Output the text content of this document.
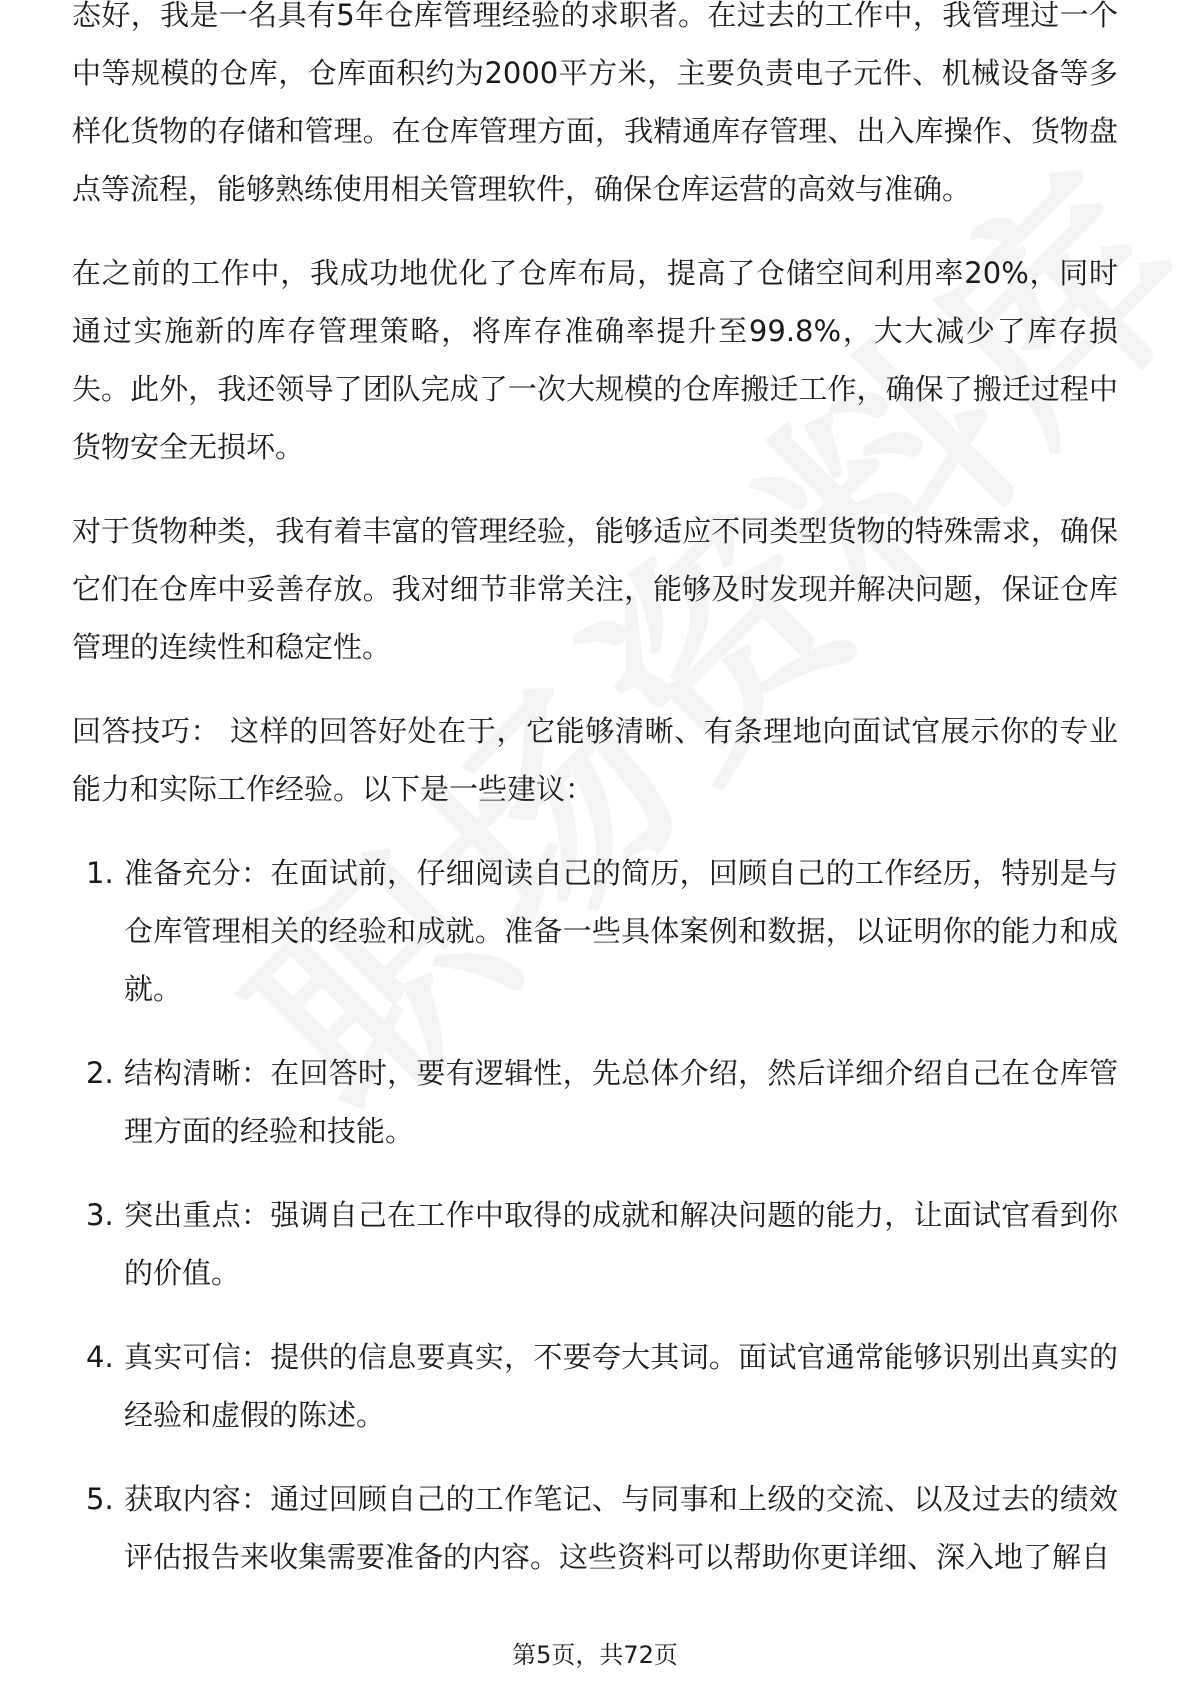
态好，我是一名具有5年仓库管理经验的求职者。在过去的工作中，我管理过一个中等规模的仓库，仓库面积约为2000平方米，主要负责电子元件、机械设备等多样化货物的存储和管理。在仓库管理方面，我精通库存管理、出入库操作、货物盘点等流程，能够熟练使用相关管理软件，确保仓库运营的高效与准确。

在之前的工作中，我成功地优化了仓库布局，提高了仓储空间利用率20%，同时通过实施新的库存管理策略，将库存准确率提升至99.8%，大大减少了库存损失。此外，我还领导了团队完成了一次大规模的仓库搬迁工作，确保了搬迁过程中货物安全无损坏。

对于货物种类，我有着丰富的管理经验，能够适应不同类型货物的特殊需求，确保它们在仓库中妥善存放。我对细节非常关注，能够及时发现并解决问题，保证仓库管理的连续性和稳定性。

回答技巧： 这样的回答好处在于，它能够清晰、有条理地向面试官展示你的专业能力和实际工作经验。以下是一些建议：

1. 准备充分：在面试前，仔细阅读自己的简历，回顾自己的工作经历，特别是与仓库管理相关的经验和成就。准备一些具体案例和数据，以证明你的能力和成就。
2. 结构清晰：在回答时，要有逻辑性，先总体介绍，然后详细介绍自己在仓库管理方面的经验和技能。
3. 突出重点：强调自己在工作中取得的成就和解决问题的能力，让面试官看到你的价值。
4. 真实可信：提供的信息要真实，不要夸大其词。面试官通常能够识别出真实的经验和虚假的陈述。
5. 获取内容：通过回顾自己的工作笔记、与同事和上级的交流、以及过去的绩效评估报告来收集需要准备的内容。这些资料可以帮助你更详细、深入地了解自
第5页，共72页
